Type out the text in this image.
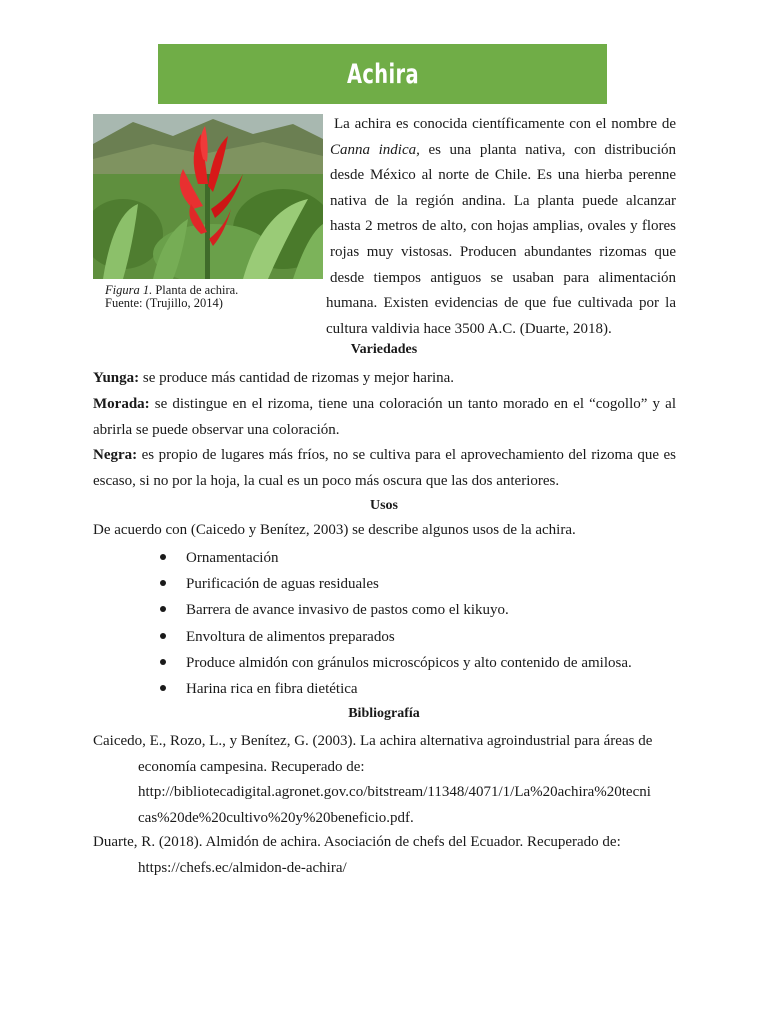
Achira
Figura 1. Planta de achira.
Fuente: (Trujillo, 2014)
La achira es conocida científicamente con el nombre de
Canna indica, es una planta nativa, con distribución
desde México al norte de Chile. Es una hierba perenne
nativa de la región andina. La planta puede alcanzar
hasta 2 metros de alto, con hojas amplias, ovales y flores
rojas muy vistosas. Producen abundantes rizomas que
desde tiempos antiguos se usaban para alimentación
humana. Existen evidencias de que fue cultivada por la
cultura valdivia hace 3500 A.C. (Duarte, 2018).
Variedades
Yunga: se produce más cantidad de rizomas y mejor harina.
Morada: se distingue en el rizoma, tiene una coloración un tanto morado en el “cogollo” y al abrirla se puede observar una coloración.
Negra: es propio de lugares más fríos, no se cultiva para el aprovechamiento del rizoma que es escaso, si no por la hoja, la cual es un poco más oscura que las dos anteriores.
Usos
De acuerdo con (Caicedo y Benítez, 2003) se describe algunos usos de la achira.
Ornamentación
Purificación de aguas residuales
Barrera de avance invasivo de pastos como el kikuyo.
Envoltura de alimentos preparados
Produce almidón con gránulos microscópicos y alto contenido de amilosa.
Harina rica en fibra dietética
Bibliografía
Caicedo, E., Rozo, L., y Benítez, G. (2003). La achira alternativa agroindustrial para áreas de
economía campesina. Recuperado de:
http://bibliotecadigital.agronet.gov.co/bitstream/11348/4071/1/La%20achira%20tecni
cas%20de%20cultivo%20y%20beneficio.pdf.
Duarte, R. (2018). Almidón de achira. Asociación de chefs del Ecuador. Recuperado de:
https://chefs.ec/almidon-de-achira/
